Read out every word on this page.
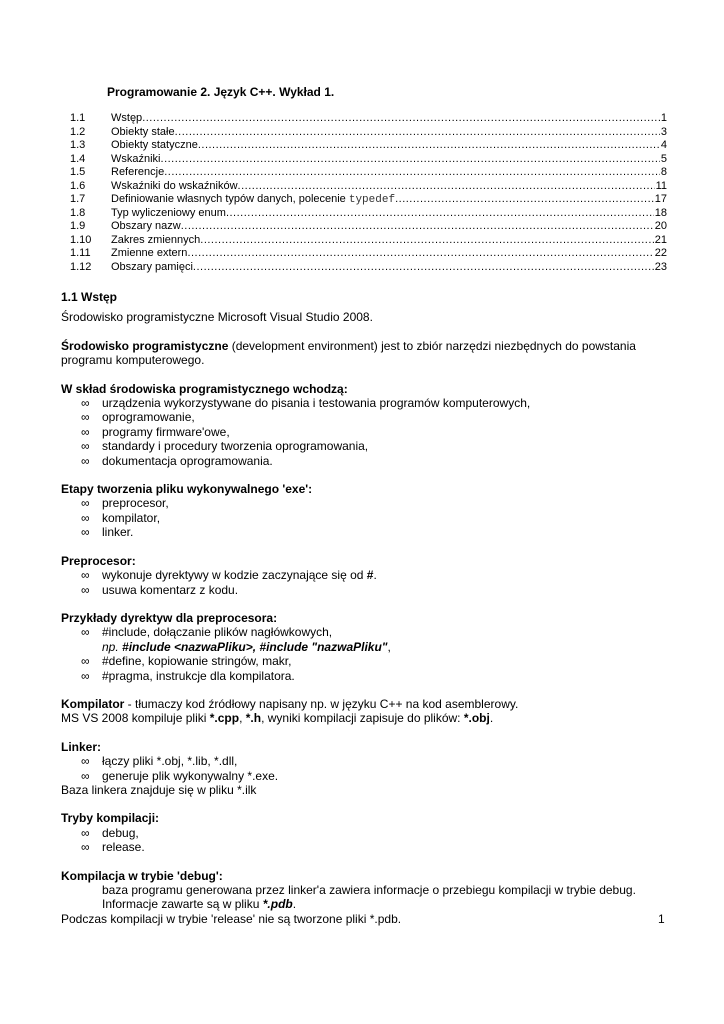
Programowanie 2. Język C++. Wykład 1.
1.1	Wstęp .....	1
1.2	Obiekty stałe .....	3
1.3	Obiekty statyczne .....	4
1.4	Wskaźniki .....	5
1.5	Referencje .....	8
1.6	Wskaźniki do wskaźników .....	11
1.7	Definiowanie własnych typów danych, polecenie typedef .....	17
1.8	Typ wyliczeniowy enum .....	18
1.9	Obszary nazw .....	20
1.10	Zakres zmiennych .....	21
1.11	Zmienne extern .....	22
1.12	Obszary pamięci .....	23
1.1 Wstęp

Środowisko programistyczne Microsoft Visual Studio 2008.

Środowisko programistyczne (development environment) jest to zbiór narzędzi niezbędnych do powstania programu komputerowego.

W skład środowiska programistycznego wchodzą:

∞ urządzenia wykorzystywane do pisania i testowania programów komputerowych,
∞ oprogramowanie,
∞ programy firmware'owe,
∞ standardy i procedury tworzenia oprogramowania,
∞ dokumentacja oprogramowania.

Etapy tworzenia pliku wykonywalnego 'exe':

∞ preprocesor,
∞ kompilator,
∞ linker.

Preprocesor:

∞ wykonuje dyrektywy w kodzie zaczynające się od #.
∞ usuwa komentarz z kodu.

Przykłady dyrektyw dla preprocesora:

∞ #include, dołączanie plików nagłówkowych,
np. #include <nazwaPliku>, #include "nazwaPliku",
∞ #define, kopiowanie stringów, makr,
∞ #pragma, instrukcje dla kompilatora.

Kompilator - tłumaczy kod źródłowy napisany np. w języku C++ na kod asemblerowy.

MS VS 2008 kompiluje pliki *.cpp, *.h, wyniki kompilacji zapisuje do plików: *.obj.

Linker:

∞ łączy pliki *.obj, *.lib, *.dll,
∞ generuje plik wykonywalny *.exe.

Baza linkera znajduje się w pliku *.ilk

Tryby kompilacji:

∞ debug,
∞ release.

Kompilacja w trybie 'debug':

baza programu generowana przez linker'a zawiera informacje o przebiegu kompilacji w trybie debug.

Informacje zawarte są w pliku *.pdb.

Podczas kompilacji w trybie 'release' nie są tworzone pliki *.pdb.	1
